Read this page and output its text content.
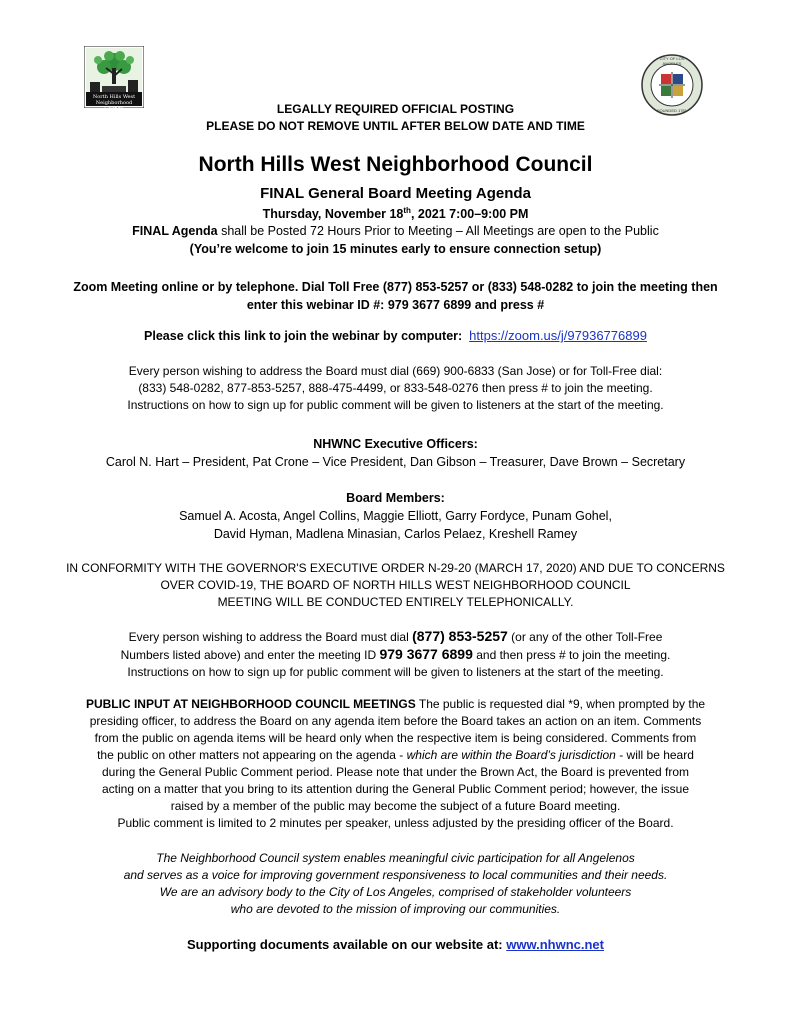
North Hills West
Neighborhood Council
CITY OF LOS ANGELES
FOUNDED 1781
LEGALLY REQUIRED OFFICIAL POSTING
PLEASE DO NOT REMOVE UNTIL AFTER BELOW DATE AND TIME
North Hills West Neighborhood Council
FINAL General Board Meeting Agenda
Thursday, November 18th, 2021 7:00–9:00 PM
FINAL Agenda shall be Posted 72 Hours Prior to Meeting – All Meetings are open to the Public
(You’re welcome to join 15 minutes early to ensure connection setup)
Zoom Meeting online or by telephone. Dial Toll Free (877) 853-5257 or (833) 548-0282 to join the meeting then
enter this webinar ID #: 979 3677 6899 and press #
Please click this link to join the webinar by computer: https://zoom.us/j/97936776899
Every person wishing to address the Board must dial (669) 900-6833 (San Jose) or for Toll-Free dial:
(833) 548-0282, 877-853-5257, 888-475-4499, or 833-548-0276 then press # to join the meeting.
Instructions on how to sign up for public comment will be given to listeners at the start of the meeting.
NHWNC Executive Officers:
Carol N. Hart – President, Pat Crone – Vice President, Dan Gibson – Treasurer, Dave Brown – Secretary
Board Members:
Samuel A. Acosta, Angel Collins, Maggie Elliott, Garry Fordyce, Punam Gohel,
David Hyman, Madlena Minasian, Carlos Pelaez, Kreshell Ramey
IN CONFORMITY WITH THE GOVERNOR'S EXECUTIVE ORDER N-29-20 (MARCH 17, 2020) AND DUE TO CONCERNS
OVER COVID-19, THE BOARD OF NORTH HILLS WEST NEIGHBORHOOD COUNCIL
MEETING WILL BE CONDUCTED ENTIRELY TELEPHONICALLY.
Every person wishing to address the Board must dial (877) 853-5257 (or any of the other Toll-Free
Numbers listed above) and enter the meeting ID 979 3677 6899 and then press # to join the meeting.
Instructions on how to sign up for public comment will be given to listeners at the start of the meeting.
PUBLIC INPUT AT NEIGHBORHOOD COUNCIL MEETINGS The public is requested dial *9, when prompted by the
presiding officer, to address the Board on any agenda item before the Board takes an action on an item. Comments
from the public on agenda items will be heard only when the respective item is being considered. Comments from
the public on other matters not appearing on the agenda - which are within the Board’s jurisdiction - will be heard
during the General Public Comment period. Please note that under the Brown Act, the Board is prevented from
acting on a matter that you bring to its attention during the General Public Comment period; however, the issue
raised by a member of the public may become the subject of a future Board meeting.
Public comment is limited to 2 minutes per speaker, unless adjusted by the presiding officer of the Board.
The Neighborhood Council system enables meaningful civic participation for all Angelenos
and serves as a voice for improving government responsiveness to local communities and their needs.
We are an advisory body to the City of Los Angeles, comprised of stakeholder volunteers
who are devoted to the mission of improving our communities.
Supporting documents available on our website at: www.nhwnc.net
